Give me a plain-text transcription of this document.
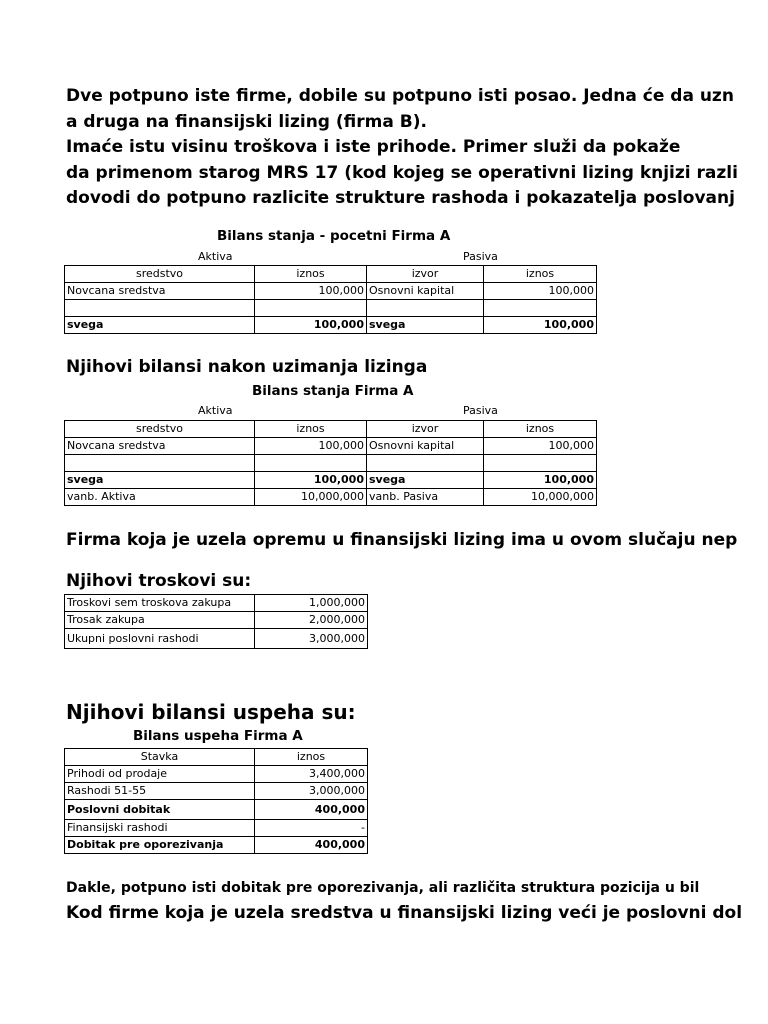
Dve potpuno iste firme, dobile su potpuno isti posao. Jedna će da uzn
a druga na finansijski lizing (firma B).
Imaće istu visinu troškova i iste prihode. Primer služi da pokaže
da primenom starog MRS 17 (kod kojeg se operativni lizing knjizi razli
dovodi do potpuno razlicite strukture rashoda i pokazatelja poslovanj
Bilans stanja - pocetni Firma A
Aktiva	Pasiva
sredstvo	iznos	izvor	iznos
Novcana sredstva	100,000	Osnovni kapital	100,000

svega	100,000	svega	100,000
Njihovi bilansi nakon uzimanja lizinga
Bilans stanja Firma A
Aktiva	Pasiva
sredstvo	iznos	izvor	iznos
Novcana sredstva	100,000	Osnovni kapital	100,000

svega	100,000	svega	100,000
vanb. Aktiva	10,000,000	vanb. Pasiva	10,000,000
Firma koja je uzela opremu u finansijski lizing ima u ovom slučaju nep
Njihovi troskovi su:
Troskovi sem troskova zakupa	1,000,000
Trosak zakupa	2,000,000
Ukupni poslovni rashodi	3,000,000
Njihovi bilansi uspeha su:
Bilans uspeha Firma A
Stavka	iznos
Prihodi od prodaje	3,400,000
Rashodi 51-55	3,000,000
Poslovni dobitak	400,000
Finansijski rashodi	-
Dobitak pre oporezivanja	400,000
Dakle, potpuno isti dobitak pre oporezivanja, ali različita struktura pozicija u bil
Kod firme koja je uzela sredstva u finansijski lizing veći je poslovni dol
